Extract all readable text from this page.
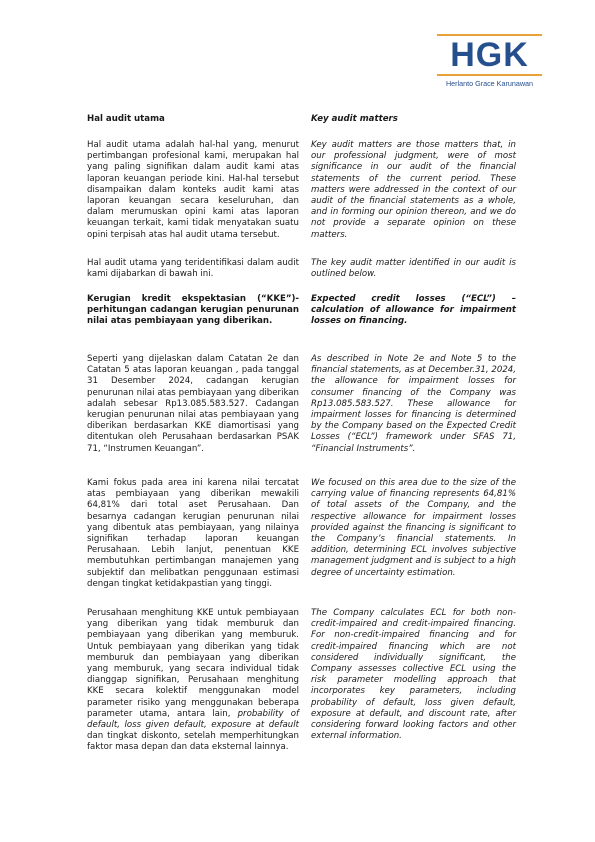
HGK
Herlanto Grace Karunawan

Hal audit utama

Hal audit utama adalah hal-hal yang, menurut pertimbangan profesional kami, merupakan hal yang paling signifikan dalam audit kami atas laporan keuangan periode kini. Hal-hal tersebut disampaikan dalam konteks audit kami atas laporan keuangan secara keseluruhan, dan dalam merumuskan opini kami atas laporan keuangan terkait, kami tidak menyatakan suatu opini terpisah atas hal audit utama tersebut.

Hal audit utama yang teridentifikasi dalam audit kami dijabarkan di bawah ini.

Kerugian kredit ekspektasian (“KKE”)-perhitungan cadangan kerugian penurunan nilai atas pembiayaan yang diberikan.

Seperti yang dijelaskan dalam Catatan 2e dan Catatan 5 atas laporan keuangan , pada tanggal 31 Desember 2024, cadangan kerugian penurunan nilai atas pembiayaan yang diberikan adalah sebesar Rp13.085.583.527. Cadangan kerugian penurunan nilai atas pembiayaan yang diberikan berdasarkan KKE diamortisasi yang ditentukan oleh Perusahaan berdasarkan PSAK 71, “Instrumen Keuangan”.

Kami fokus pada area ini karena nilai tercatat atas pembiayaan yang diberikan mewakili 64,81% dari total aset Perusahaan. Dan besarnya cadangan kerugian penurunan nilai yang dibentuk atas pembiayaan, yang nilainya signifikan terhadap laporan keuangan Perusahaan. Lebih lanjut, penentuan KKE membutuhkan pertimbangan manajemen yang subjektif dan melibatkan penggunaan estimasi dengan tingkat ketidakpastian yang tinggi.

Perusahaan menghitung KKE untuk pembiayaan yang diberikan yang tidak memburuk dan pembiayaan yang diberikan yang memburuk. Untuk pembiayaan yang diberikan yang tidak memburuk dan pembiayaan yang diberikan yang memburuk, yang secara individual tidak dianggap signifikan, Perusahaan menghitung KKE secara kolektif menggunakan model parameter risiko yang menggunakan beberapa parameter utama, antara lain, probability of default, loss given default, exposure at default dan tingkat diskonto, setelah memperhitungkan faktor masa depan dan data eksternal lainnya.

Key audit matters

Key audit matters are those matters that, in our professional judgment, were of most significance in our audit of the financial statements of the current period. These matters were addressed in the context of our audit of the financial statements as a whole, and in forming our opinion thereon, and we do not provide a separate opinion on these matters.

The key audit matter identified in our audit is outlined below.

Expected credit losses (“ECL”) – calculation of allowance for impairment losses on financing.

As described in Note 2e and Note 5 to the financial statements, as at December.31, 2024, the allowance for impairment losses for consumer financing of the Company was Rp13.085.583.527. These allowance for impairment losses for financing is determined by the Company based on the Expected Credit Losses (“ECL”) framework under SFAS 71, “Financial Instruments”.

We focused on this area due to the size of the carrying value of financing represents 64,81% of total assets of the Company, and the respective allowance for impairment losses provided against the financing is significant to the Company’s financial statements. In addition, determining ECL involves subjective management judgment and is subject to a high degree of uncertainty estimation.

The Company calculates ECL for both non-credit-impaired and credit-impaired financing. For non-credit-impaired financing and for credit-impaired financing which are not considered individually significant, the Company assesses collective ECL using the risk parameter modelling approach that incorporates key parameters, including probability of default, loss given default, exposure at default, and discount rate, after considering forward looking factors and other external information.
